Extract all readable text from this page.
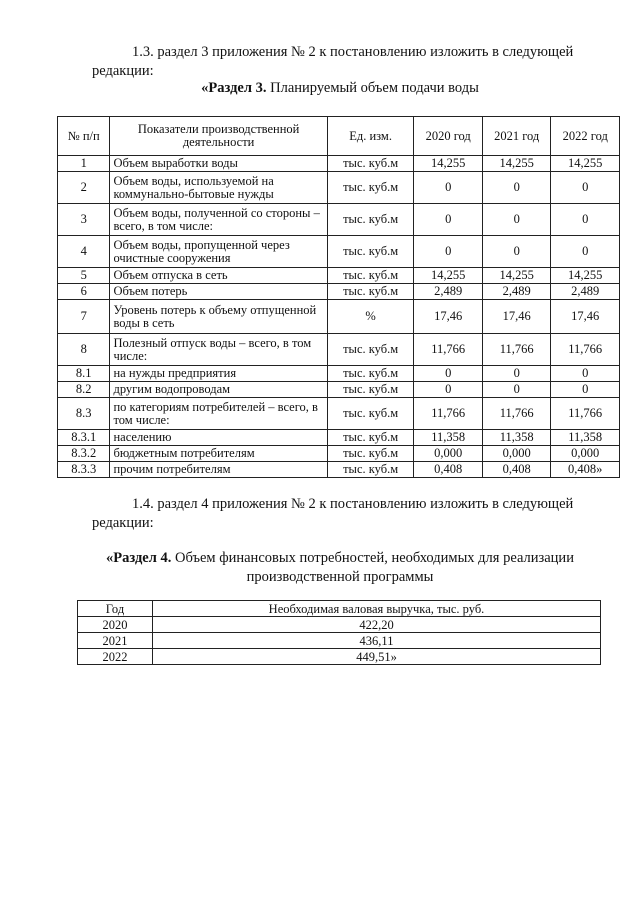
1.3. раздел 3 приложения № 2 к постановлению изложить в следующей
редакции:
«Раздел 3. Планируемый объем подачи воды
№ п/п	Показатели производственной деятельности	Ед. изм.	2020 год	2021 год	2022 год
1	Объем выработки воды	тыс. куб.м	14,255	14,255	14,255
2	Объем воды, используемой на коммунально-бытовые нужды	тыс. куб.м	0	0	0
3	Объем воды, полученной со стороны – всего, в том числе:	тыс. куб.м	0	0	0
4	Объем воды, пропущенной через очистные сооружения	тыс. куб.м	0	0	0
5	Объем отпуска в сеть	тыс. куб.м	14,255	14,255	14,255
6	Объем потерь	тыс. куб.м	2,489	2,489	2,489
7	Уровень потерь к объему отпущенной воды в сеть	%	17,46	17,46	17,46
8	Полезный отпуск воды – всего, в том числе:	тыс. куб.м	11,766	11,766	11,766
8.1	на нужды предприятия	тыс. куб.м	0	0	0
8.2	другим водопроводам	тыс. куб.м	0	0	0
8.3	по категориям потребителей – всего, в том числе:	тыс. куб.м	11,766	11,766	11,766
8.3.1	населению	тыс. куб.м	11,358	11,358	11,358
8.3.2	бюджетным потребителям	тыс. куб.м	0,000	0,000	0,000
8.3.3	прочим потребителям	тыс. куб.м	0,408	0,408	0,408»
1.4. раздел 4 приложения № 2 к постановлению изложить в следующей
редакции:
«Раздел 4. Объем финансовых потребностей, необходимых для реализации
производственной программы
Год	Необходимая валовая выручка, тыс. руб.
2020	422,20
2021	436,11
2022	449,51»
